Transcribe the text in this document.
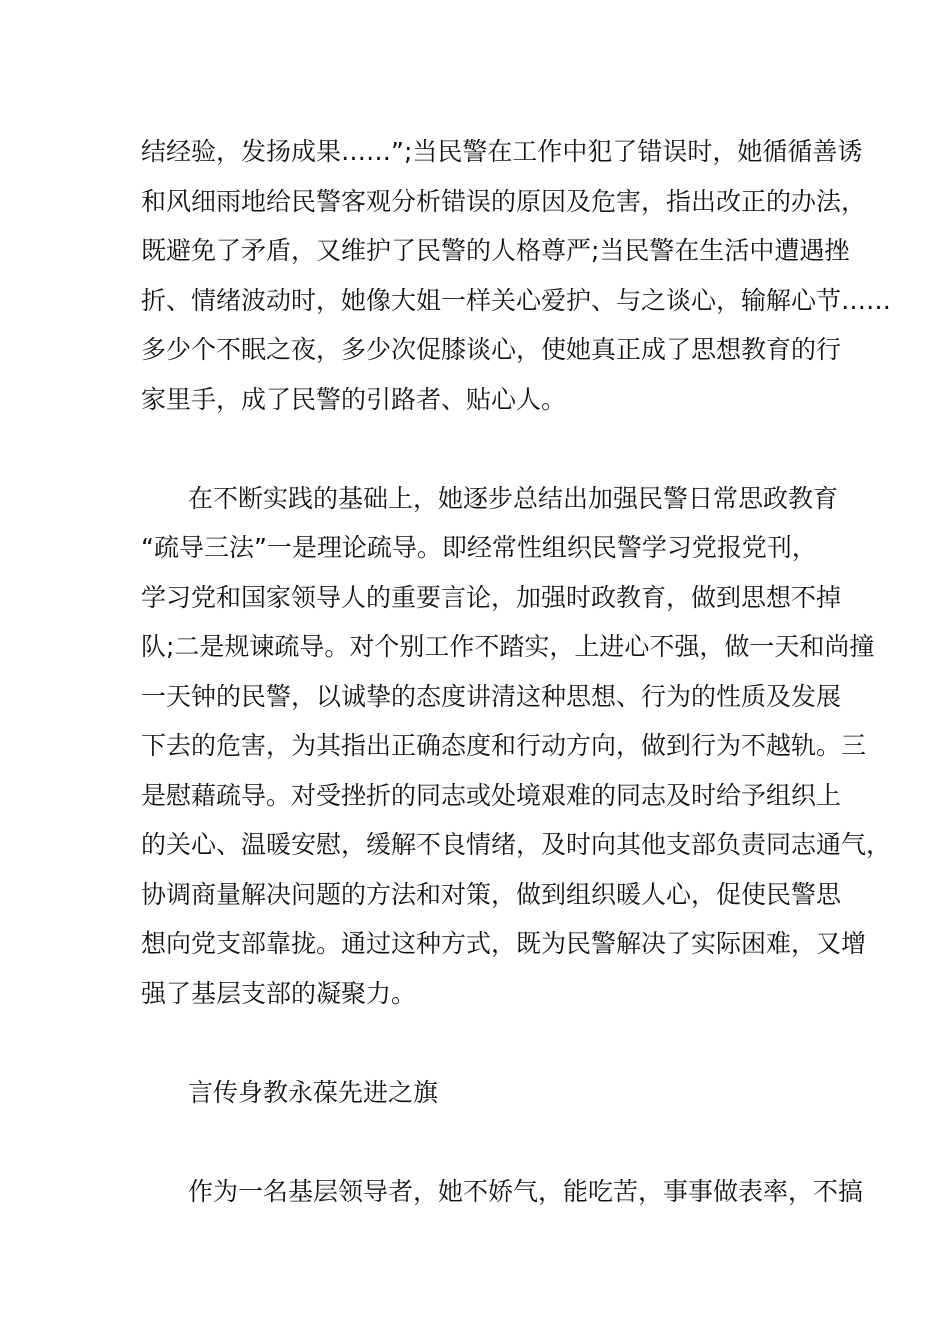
结经验，发扬成果……”;当民警在工作中犯了错误时，她循循善诱
和风细雨地给民警客观分析错误的原因及危害，指出改正的办法，
既避免了矛盾，又维护了民警的人格尊严;当民警在生活中遭遇挫
折、情绪波动时，她像大姐一样关心爱护、与之谈心，输解心节……
多少个不眠之夜，多少次促膝谈心，使她真正成了思想教育的行
家里手，成了民警的引路者、贴心人。
在不断实践的基础上，她逐步总结出加强民警日常思政教育
“疏导三法”一是理论疏导。即经常性组织民警学习党报党刊，
学习党和国家领导人的重要言论，加强时政教育，做到思想不掉
队;二是规谏疏导。对个别工作不踏实，上进心不强，做一天和尚撞
一天钟的民警，以诚挚的态度讲清这种思想、行为的性质及发展
下去的危害，为其指出正确态度和行动方向，做到行为不越轨。三
是慰藉疏导。对受挫折的同志或处境艰难的同志及时给予组织上
的关心、温暖安慰，缓解不良情绪，及时向其他支部负责同志通气，
协调商量解决问题的方法和对策，做到组织暖人心，促使民警思
想向党支部靠拢。通过这种方式，既为民警解决了实际困难，又增
强了基层支部的凝聚力。
言传身教永葆先进之旗
作为一名基层领导者，她不娇气，能吃苦，事事做表率，不搞
